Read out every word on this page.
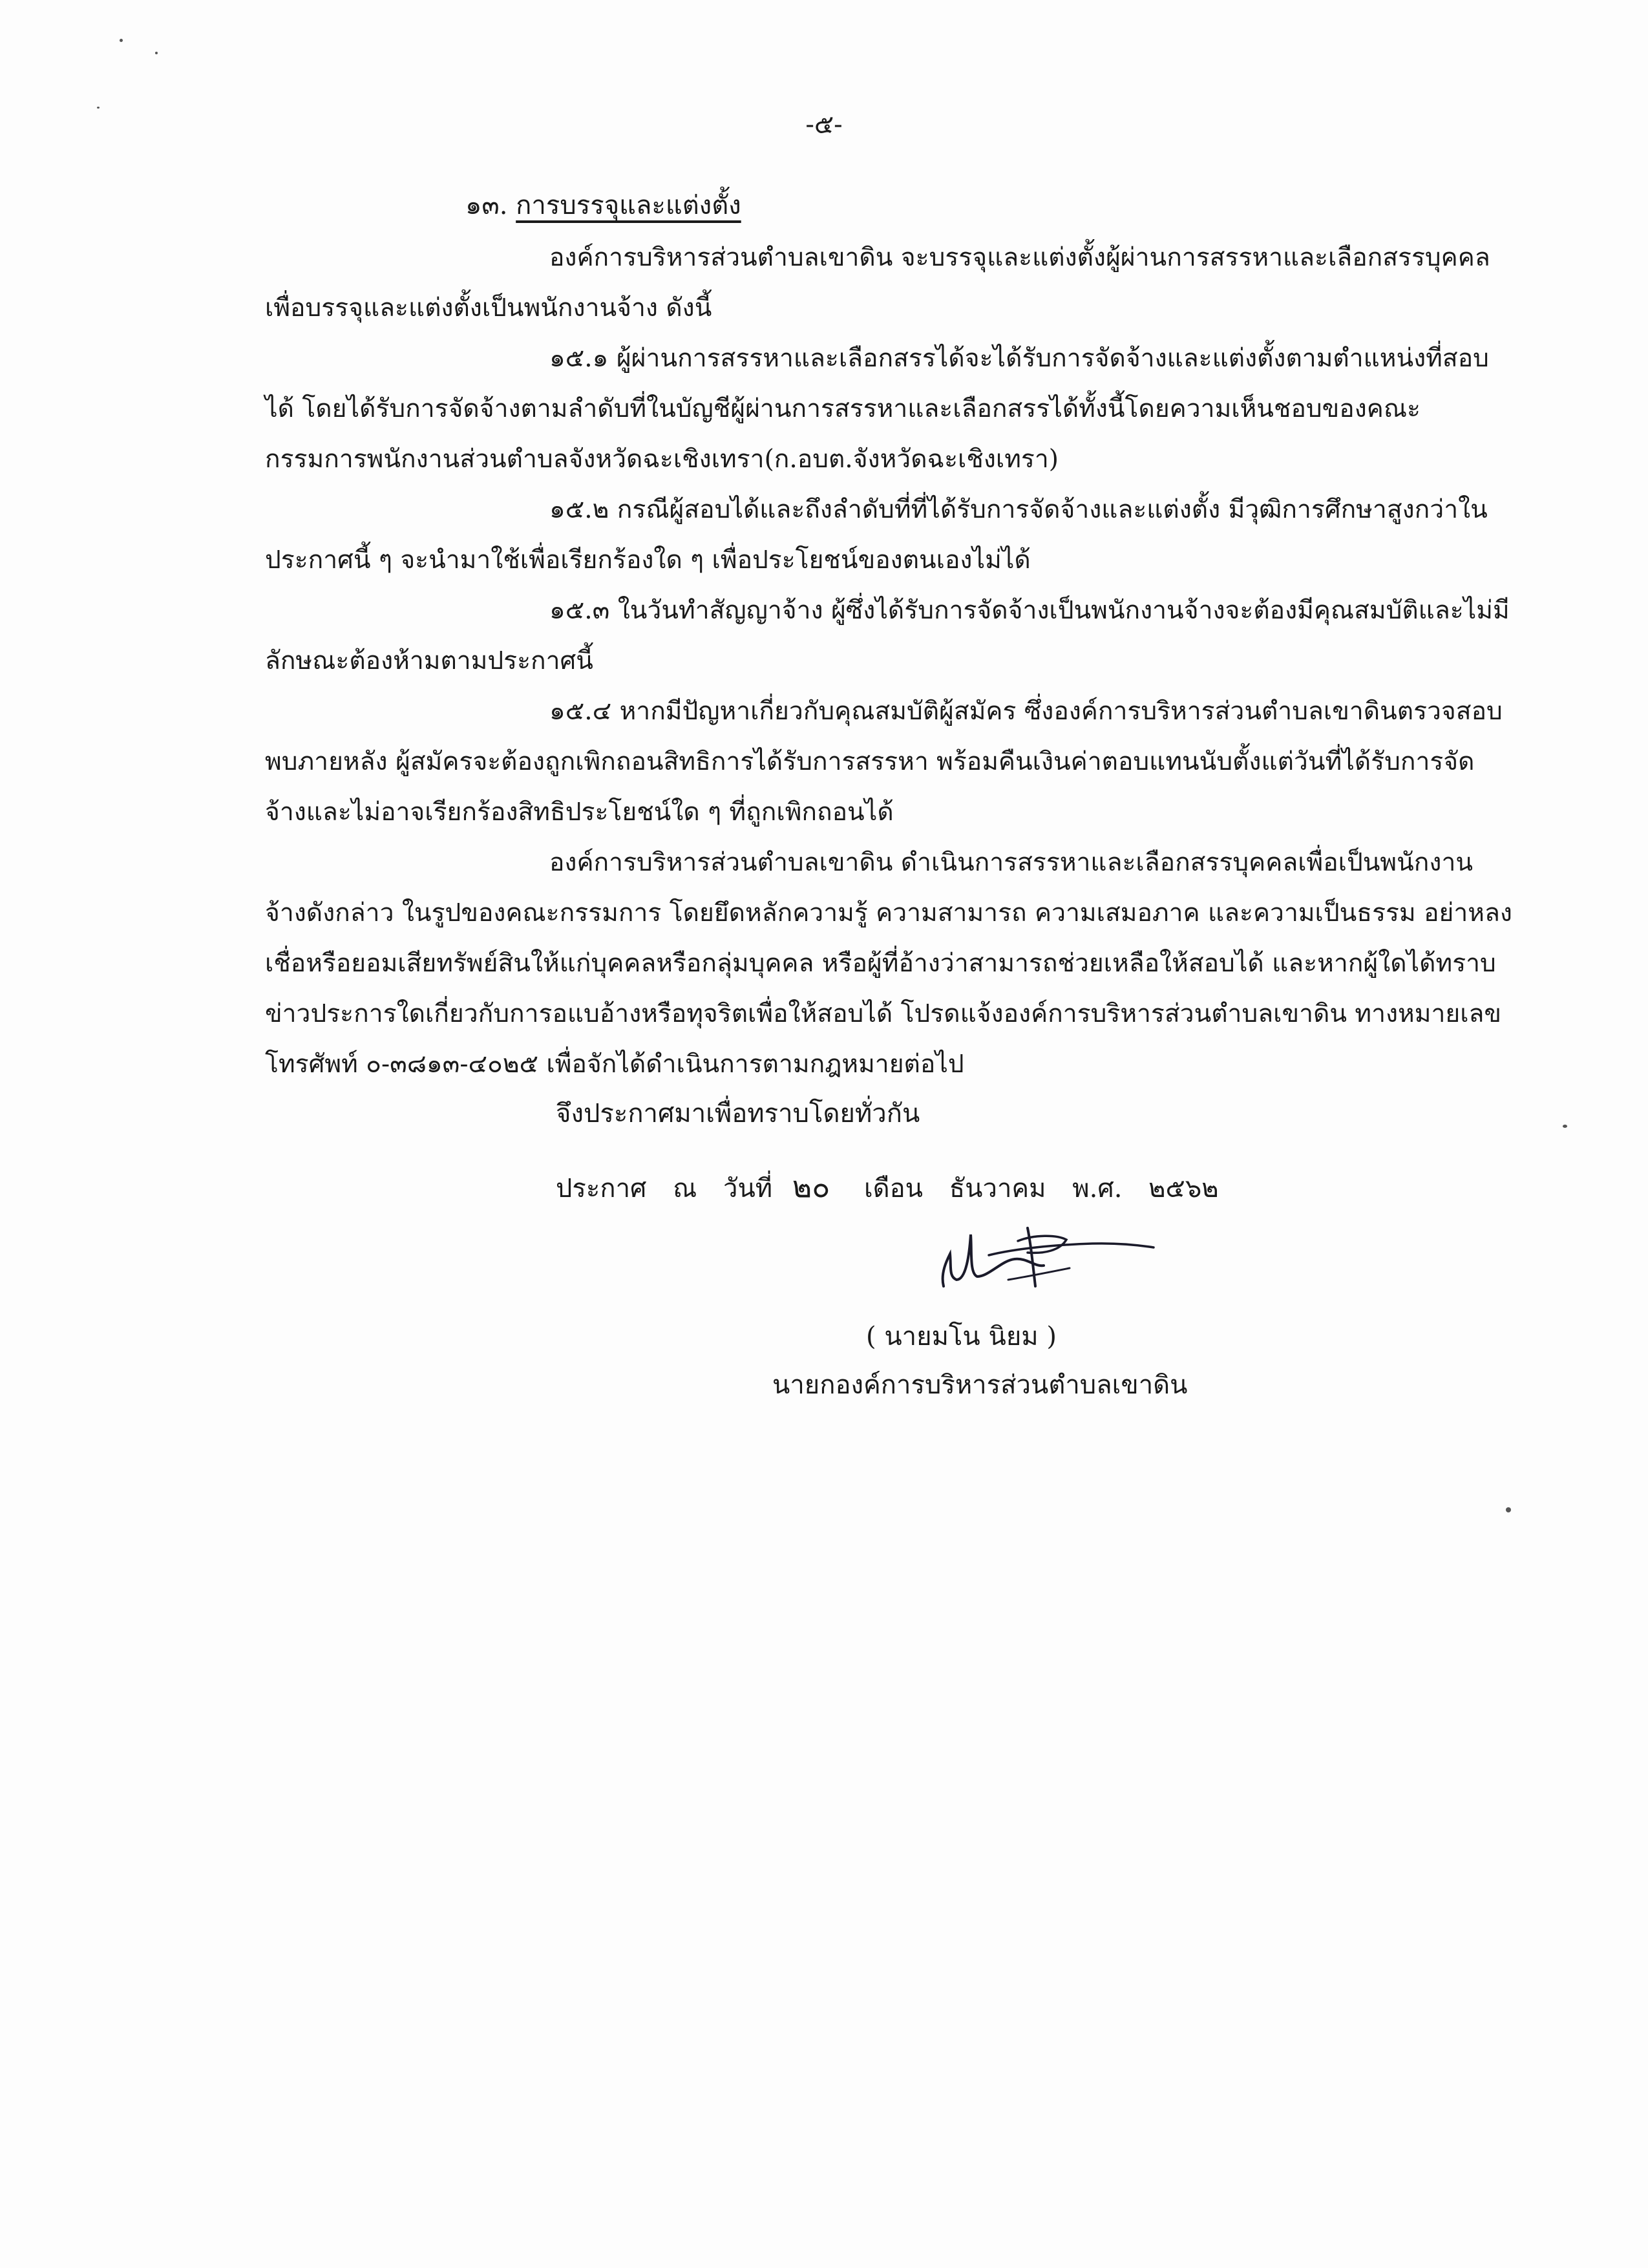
-๕-
๑๓. การบรรจุและแต่งตั้ง
องค์การบริหารส่วนตำบลเขาดิน จะบรรจุและแต่งตั้งผู้ผ่านการสรรหาและเลือกสรรบุคคลเพื่อบรรจุและแต่งตั้งเป็นพนักงานจ้าง ดังนี้
๑๕.๑ ผู้ผ่านการสรรหาและเลือกสรรได้จะได้รับการจัดจ้างและแต่งตั้งตามตำแหน่งที่สอบได้ โดยได้รับการจัดจ้างตามลำดับที่ในบัญชีผู้ผ่านการสรรหาและเลือกสรรได้ทั้งนี้โดยความเห็นชอบของคณะกรรมการพนักงานส่วนตำบลจังหวัดฉะเชิงเทรา(ก.อบต.จังหวัดฉะเชิงเทรา)
๑๕.๒ กรณีผู้สอบได้และถึงลำดับที่ที่ได้รับการจัดจ้างและแต่งตั้ง มีวุฒิการศึกษาสูงกว่าในประกาศนี้ ๆ จะนำมาใช้เพื่อเรียกร้องใด ๆ เพื่อประโยชน์ของตนเองไม่ได้
๑๕.๓ ในวันทำสัญญาจ้าง ผู้ซึ่งได้รับการจัดจ้างเป็นพนักงานจ้างจะต้องมีคุณสมบัติและไม่มีลักษณะต้องห้ามตามประกาศนี้
๑๕.๔ หากมีปัญหาเกี่ยวกับคุณสมบัติผู้สมัคร ซึ่งองค์การบริหารส่วนตำบลเขาดินตรวจสอบพบภายหลัง ผู้สมัครจะต้องถูกเพิกถอนสิทธิการได้รับการสรรหา พร้อมคืนเงินค่าตอบแทนนับตั้งแต่วันที่ได้รับการจัดจ้างและไม่อาจเรียกร้องสิทธิประโยชน์ใด ๆ ที่ถูกเพิกถอนได้
องค์การบริหารส่วนตำบลเขาดิน ดำเนินการสรรหาและเลือกสรรบุคคลเพื่อเป็นพนักงานจ้างดังกล่าว ในรูปของคณะกรรมการ โดยยึดหลักความรู้ ความสามารถ ความเสมอภาค และความเป็นธรรม อย่าหลงเชื่อหรือยอมเสียทรัพย์สินให้แก่บุคคลหรือกลุ่มบุคคล หรือผู้ที่อ้างว่าสามารถช่วยเหลือให้สอบได้ และหากผู้ใดได้ทราบข่าวประการใดเกี่ยวกับการอแบอ้างหรือทุจริตเพื่อให้สอบได้ โปรดแจ้งองค์การบริหารส่วนตำบลเขาดิน ทางหมายเลขโทรศัพท์ ๐-๓๘๑๓-๔๐๒๕ เพื่อจักได้ดำเนินการตามกฎหมายต่อไป
จึงประกาศมาเพื่อทราบโดยทั่วกัน
ประกาศ ณ วันที่ ๒๐ เดือน ธันวาคม พ.ศ. ๒๕๖๒
( นายมโน นิยม )
นายกองค์การบริหารส่วนตำบลเขาดิน
